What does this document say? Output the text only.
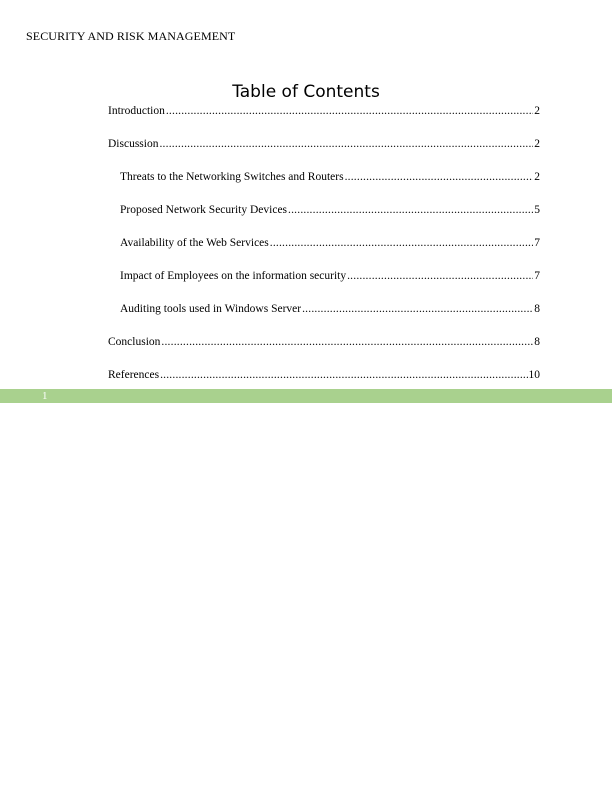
SECURITY AND RISK MANAGEMENT
Table of Contents
Introduction .....	2
Discussion .....	2
Threats to the Networking Switches and Routers .....	2
Proposed Network Security Devices .....	5
Availability of the Web Services .....	7
Impact of Employees on the information security .....	7
Auditing tools used in Windows Server .....	8
Conclusion .....	8
References .....	10
1
